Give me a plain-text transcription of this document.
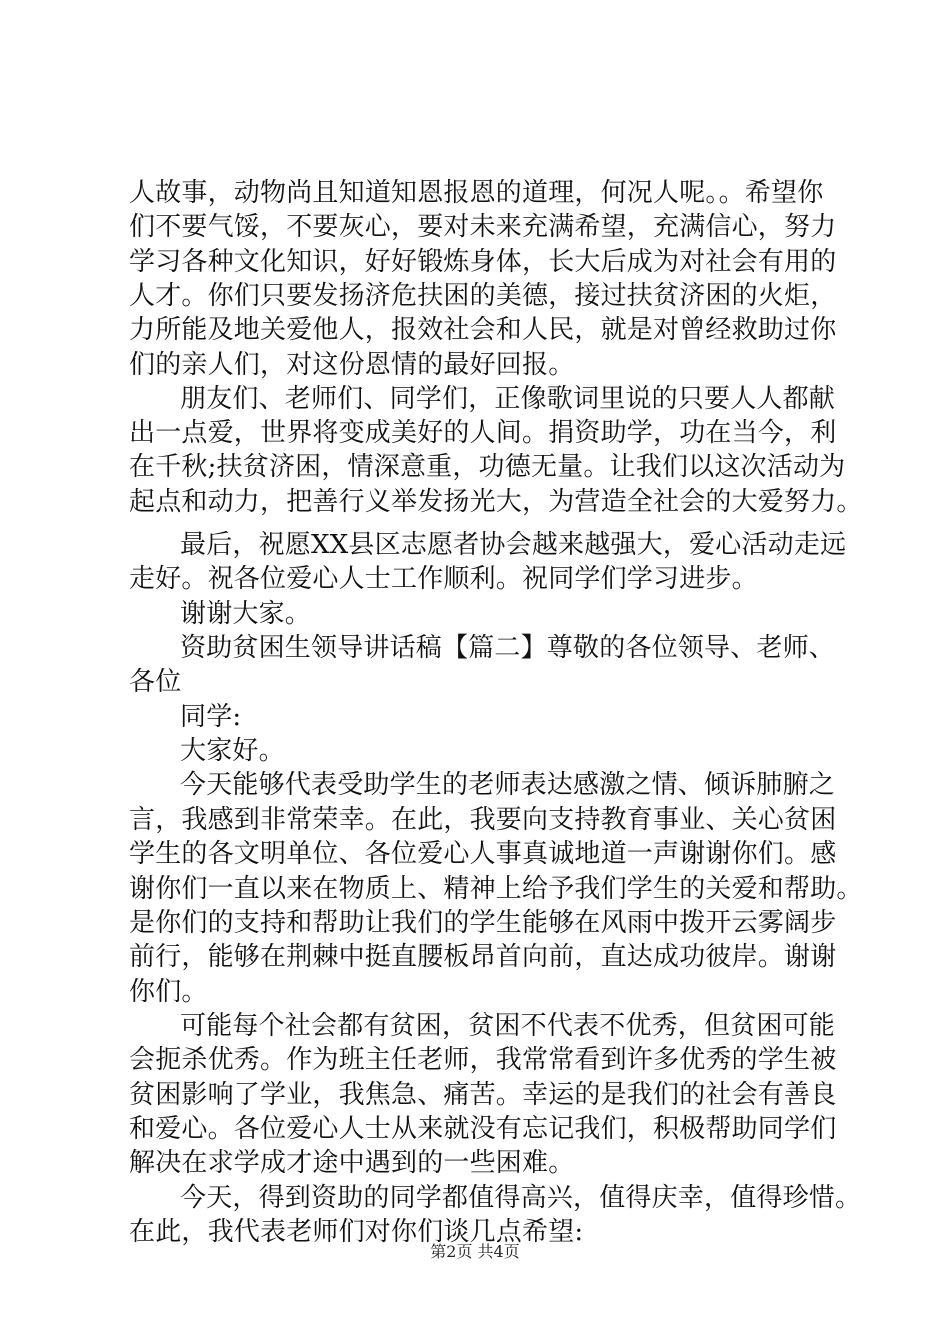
人故事，动物尚且知道知恩报恩的道理，何况人呢。。希望你
们不要气馁，不要灰心，要对未来充满希望，充满信心，努力
学习各种文化知识，好好锻炼身体，长大后成为对社会有用的
人才。你们只要发扬济危扶困的美德，接过扶贫济困的火炬，
力所能及地关爱他人，报效社会和人民，就是对曾经救助过你
们的亲人们，对这份恩情的最好回报。
朋友们、老师们、同学们，正像歌词里说的只要人人都献
出一点爱，世界将变成美好的人间。捐资助学，功在当今，利
在千秋;扶贫济困，情深意重，功德无量。让我们以这次活动为
起点和动力，把善行义举发扬光大，为营造全社会的大爱努力。
最后，祝愿XX县区志愿者协会越来越强大，爱心活动走远
走好。祝各位爱心人士工作顺利。祝同学们学习进步。
谢谢大家。
资助贫困生领导讲话稿【篇二】尊敬的各位领导、老师、
各位
同学:
大家好。
今天能够代表受助学生的老师表达感激之情、倾诉肺腑之
言，我感到非常荣幸。在此，我要向支持教育事业、关心贫困
学生的各文明单位、各位爱心人事真诚地道一声谢谢你们。感
谢你们一直以来在物质上、精神上给予我们学生的关爱和帮助。
是你们的支持和帮助让我们的学生能够在风雨中拨开云雾阔步
前行，能够在荆棘中挺直腰板昂首向前，直达成功彼岸。谢谢
你们。
可能每个社会都有贫困，贫困不代表不优秀，但贫困可能
会扼杀优秀。作为班主任老师，我常常看到许多优秀的学生被
贫困影响了学业，我焦急、痛苦。幸运的是我们的社会有善良
和爱心。各位爱心人士从来就没有忘记我们，积极帮助同学们
解决在求学成才途中遇到的一些困难。
今天，得到资助的同学都值得高兴，值得庆幸，值得珍惜。
在此，我代表老师们对你们谈几点希望:
第2页 共4页
